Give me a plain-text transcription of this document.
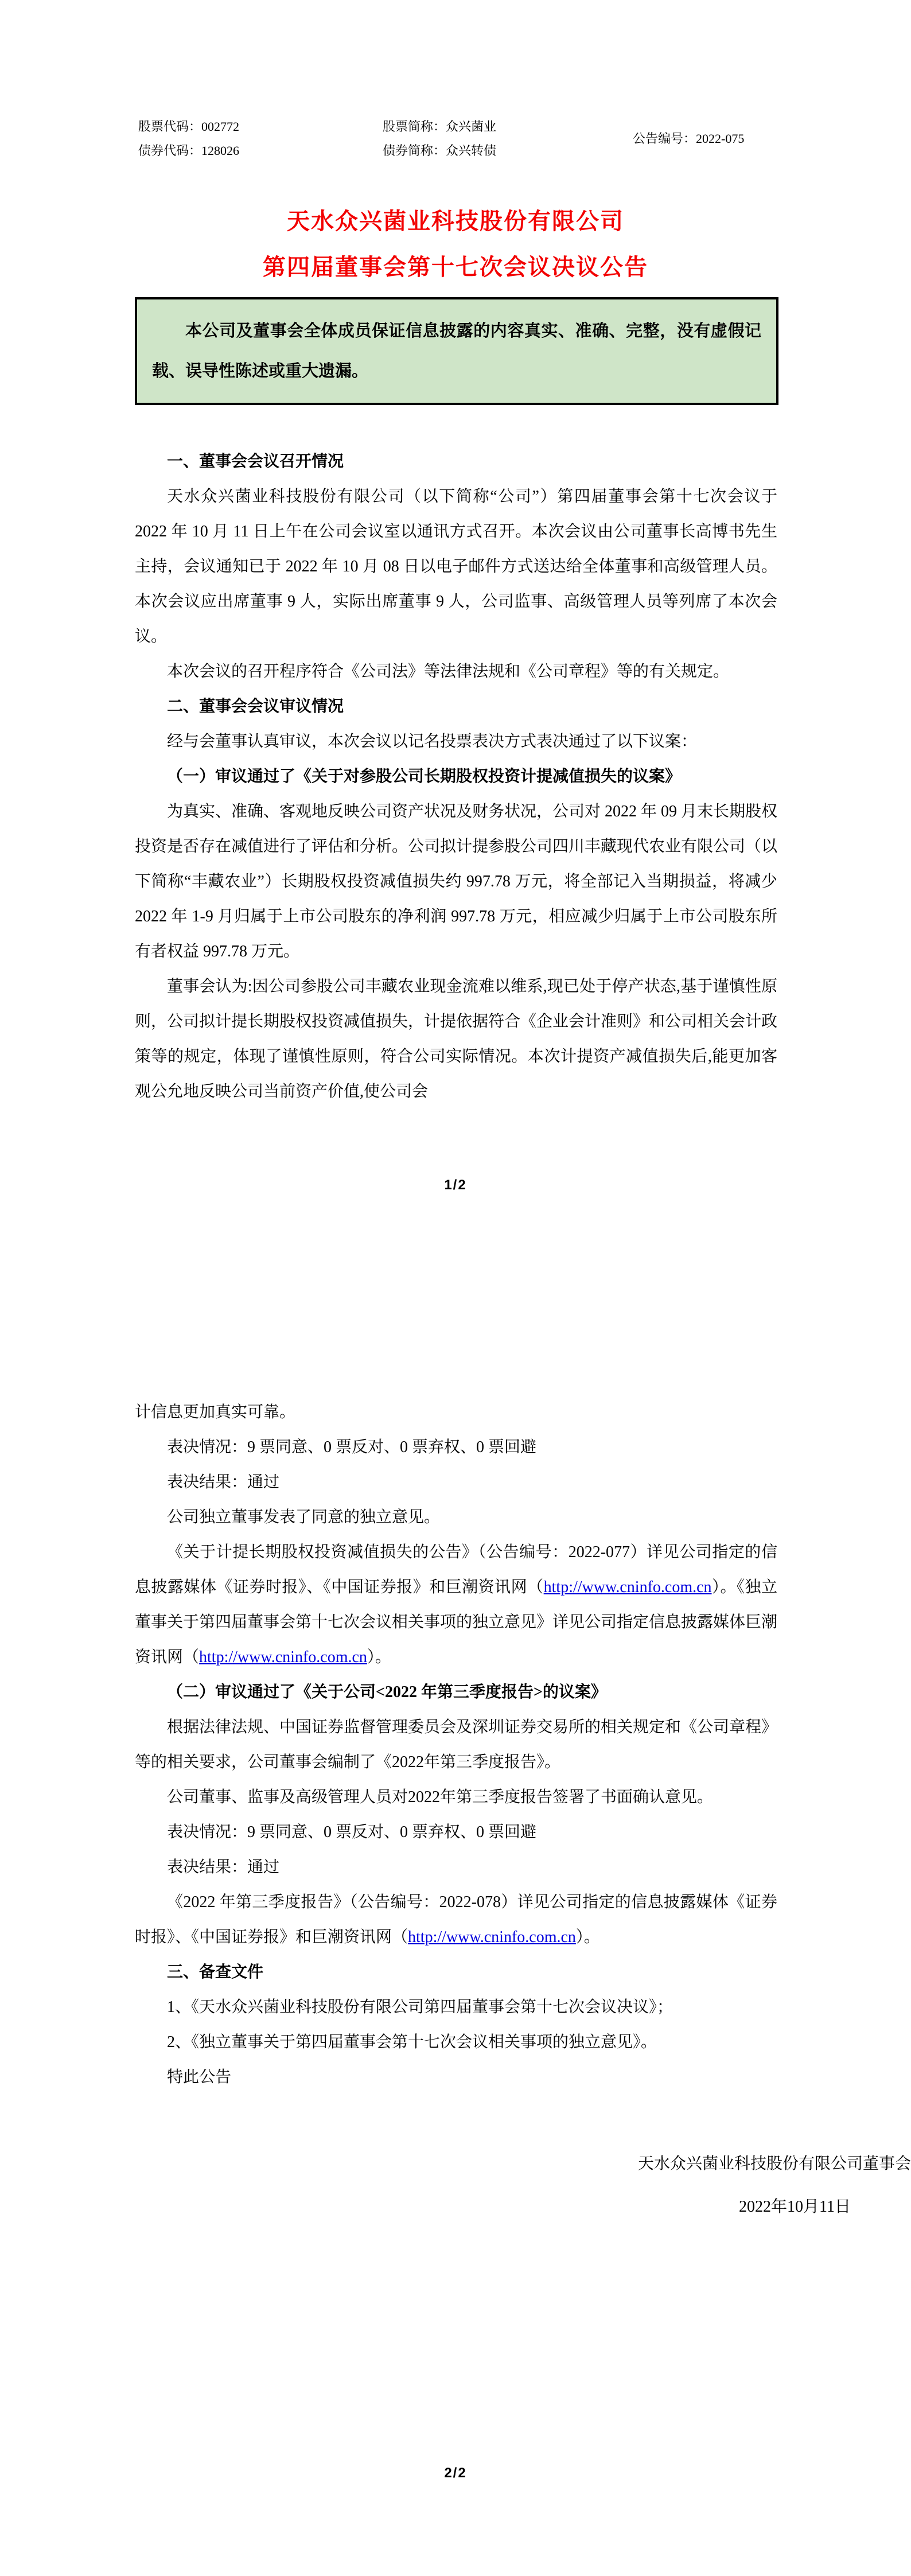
股票代码：002772
债券代码：128026
股票简称：众兴菌业
债券简称：众兴转债
公告编号：2022-075
天水众兴菌业科技股份有限公司
第四届董事会第十七次会议决议公告
本公司及董事会全体成员保证信息披露的内容真实、准确、完整，没有虚假记载、误导性陈述或重大遗漏。
一、董事会会议召开情况
天水众兴菌业科技股份有限公司（以下简称“公司”）第四届董事会第十七次会议于 2022 年 10 月 11 日上午在公司会议室以通讯方式召开。本次会议由公司董事长高博书先生主持，会议通知已于 2022 年 10 月 08 日以电子邮件方式送达给全体董事和高级管理人员。本次会议应出席董事 9 人，实际出席董事 9 人，公司监事、高级管理人员等列席了本次会议。
本次会议的召开程序符合《公司法》等法律法规和《公司章程》等的有关规定。
二、董事会会议审议情况
经与会董事认真审议，本次会议以记名投票表决方式表决通过了以下议案：
（一）审议通过了《关于对参股公司长期股权投资计提减值损失的议案》
为真实、准确、客观地反映公司资产状况及财务状况，公司对 2022 年 09 月末长期股权投资是否存在减值进行了评估和分析。公司拟计提参股公司四川丰藏现代农业有限公司（以下简称“丰藏农业”）长期股权投资减值损失约 997.78 万元，将全部记入当期损益，将减少 2022 年 1-9 月归属于上市公司股东的净利润 997.78 万元，相应减少归属于上市公司股东所有者权益 997.78 万元。
董事会认为:因公司参股公司丰藏农业现金流难以维系,现已处于停产状态,基于谨慎性原则，公司拟计提长期股权投资减值损失，计提依据符合《企业会计准则》和公司相关会计政策等的规定，体现了谨慎性原则，符合公司实际情况。本次计提资产减值损失后,能更加客观公允地反映公司当前资产价值,使公司会
1/2
计信息更加真实可靠。
表决情况：9 票同意、0 票反对、0 票弃权、0 票回避
表决结果：通过
公司独立董事发表了同意的独立意见。
《关于计提长期股权投资减值损失的公告》（公告编号：2022-077）详见公司指定的信息披露媒体《证券时报》、《中国证券报》和巨潮资讯网（http://www.cninfo.com.cn）。《独立董事关于第四届董事会第十七次会议相关事项的独立意见》详见公司指定信息披露媒体巨潮资讯网（http://www.cninfo.com.cn）。
（二）审议通过了《关于公司<2022 年第三季度报告>的议案》
根据法律法规、中国证券监督管理委员会及深圳证券交易所的相关规定和《公司章程》等的相关要求，公司董事会编制了《2022年第三季度报告》。
公司董事、监事及高级管理人员对2022年第三季度报告签署了书面确认意见。
表决情况：9 票同意、0 票反对、0 票弃权、0 票回避
表决结果：通过
《2022 年第三季度报告》（公告编号：2022-078）详见公司指定的信息披露媒体《证券时报》、《中国证券报》和巨潮资讯网（http://www.cninfo.com.cn）。
三、备查文件
1、《天水众兴菌业科技股份有限公司第四届董事会第十七次会议决议》；
2、《独立董事关于第四届董事会第十七次会议相关事项的独立意见》。
特此公告
天水众兴菌业科技股份有限公司董事会
2022年10月11日
2/2
